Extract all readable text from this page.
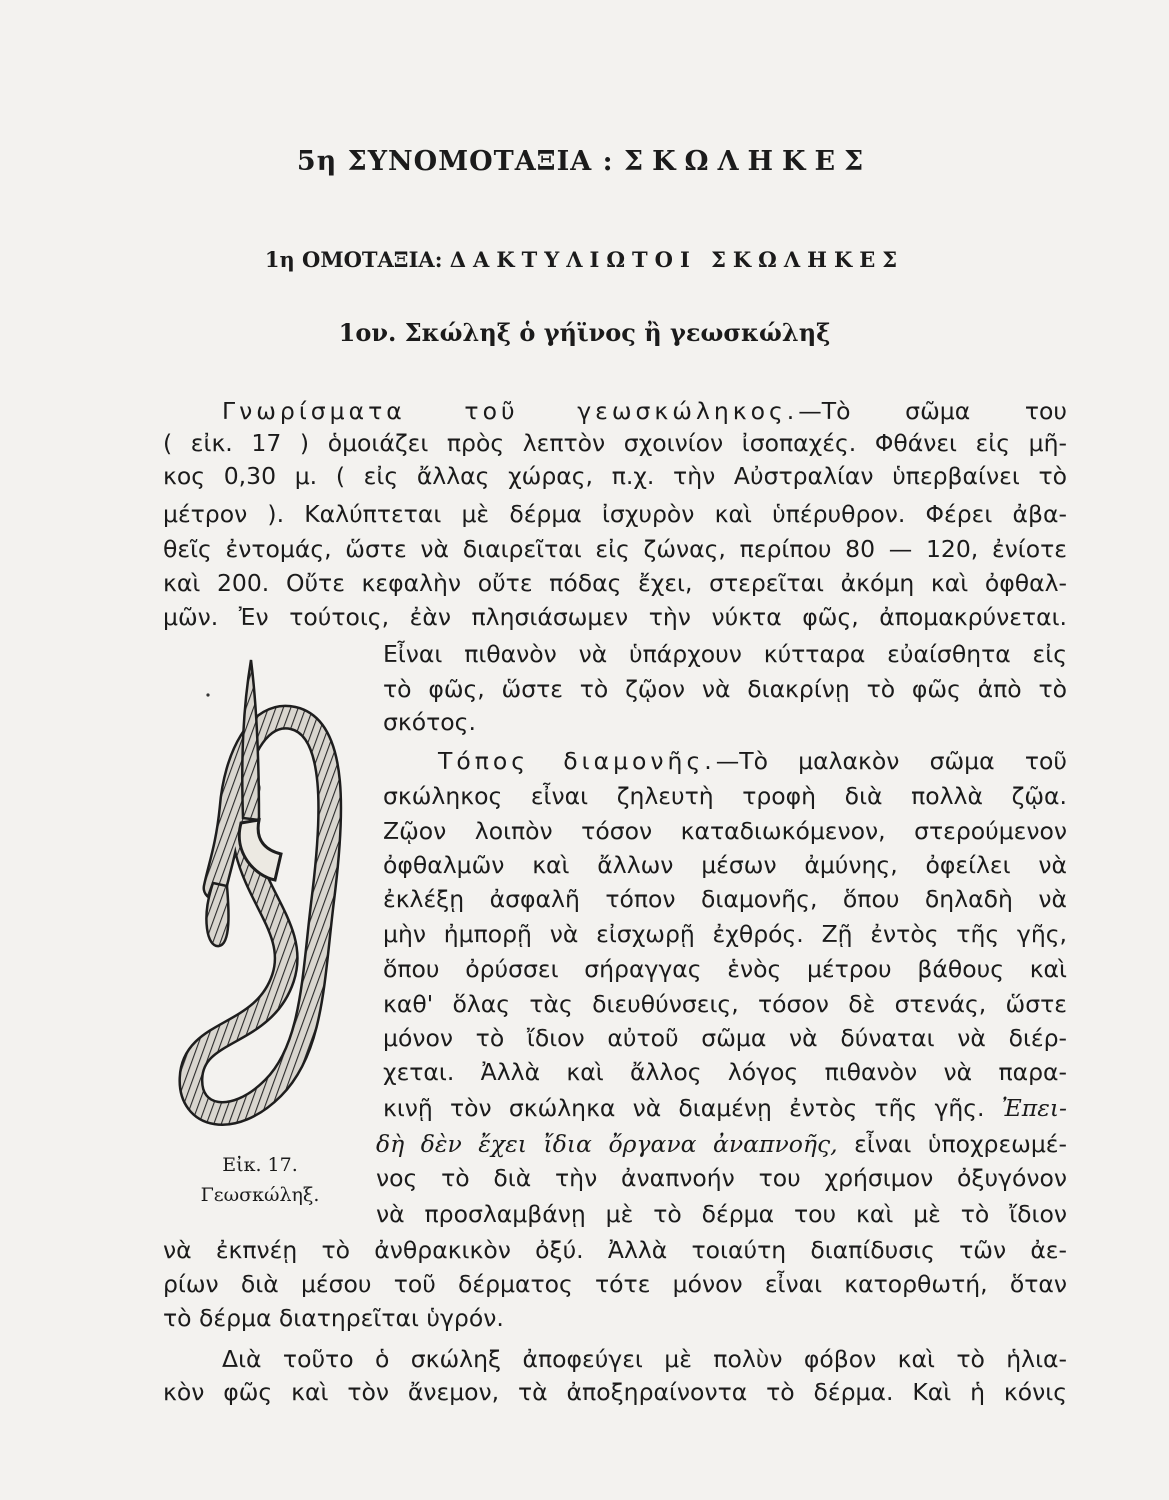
5η ΣΥΝΟΜΟΤΑΞΙΑ : ΣΚΩΛΗΚΕΣ
1η ΟΜΟΤΑΞΙΑ: ΔΑΚΤΥΛΙΩΤΟΙ ΣΚΩΛΗΚΕΣ
1ον. Σκώληξ ὁ γήϊνος ἢ γεωσκώληξ
Γνωρίσματα τοῦ γεωσκώληκος.—Τὸ σῶμα του
( εἰκ. 17 ) ὁμοιάζει πρὸς λεπτὸν σχοινίον ἰσοπαχές. Φθάνει εἰς μῆ-
κος 0,30 μ. ( εἰς ἄλλας χώρας, π.χ. τὴν Αὐστραλίαν ὑπερβαίνει τὸ
μέτρον ). Καλύπτεται μὲ δέρμα ἰσχυρὸν καὶ ὑπέρυθρον. Φέρει ἀβα-
θεῖς ἐντομάς, ὥστε νὰ διαιρεῖται εἰς ζώνας, περίπου 80 — 120, ἐνίοτε
καὶ 200. Οὔτε κεφαλὴν οὔτε πόδας ἔχει, στερεῖται ἀκόμη καὶ ὀφθαλ-
μῶν. Ἐν τούτοις, ἐὰν πλησιάσωμεν τὴν νύκτα φῶς, ἀπομακρύνεται.
Εἶναι πιθανὸν νὰ ὑπάρχουν κύτταρα εὐαίσθητα εἰς
τὸ φῶς, ὥστε τὸ ζῷον νὰ διακρίνῃ τὸ φῶς ἀπὸ τὸ
σκότος.
Τόπος διαμονῆς.—Τὸ μαλακὸν σῶμα τοῦ
σκώληκος εἶναι ζηλευτὴ τροφὴ διὰ πολλὰ ζῷα.
Ζῷον λοιπὸν τόσον καταδιωκόμενον, στερούμενον
ὀφθαλμῶν καὶ ἄλλων μέσων ἀμύνης, ὀφείλει νὰ
ἐκλέξῃ ἀσφαλῆ τόπον διαμονῆς, ὅπου δηλαδὴ νὰ
μὴν ἠμπορῇ νὰ εἰσχωρῇ ἐχθρός. Ζῇ ἐντὸς τῆς γῆς,
ὅπου ὀρύσσει σήραγγας ἑνὸς μέτρου βάθους καὶ
καθ' ὅλας τὰς διευθύνσεις, τόσον δὲ στενάς, ὥστε
μόνον τὸ ἴδιον αὐτοῦ σῶμα νὰ δύναται νὰ διέρ-
χεται. Ἀλλὰ καὶ ἄλλος λόγος πιθανὸν νὰ παρα-
κινῇ τὸν σκώληκα νὰ διαμένῃ ἐντὸς τῆς γῆς. Ἐπει-
δὴ δὲν ἔχει ἴδια ὄργανα ἀναπνοῆς, εἶναι ὑποχρεωμέ-
νος τὸ διὰ τὴν ἀναπνοήν του χρήσιμον ὀξυγόνον
νὰ προσλαμβάνῃ μὲ τὸ δέρμα του καὶ μὲ τὸ ἴδιον
νὰ ἐκπνέῃ τὸ ἀνθρακικὸν ὀξύ. Ἀλλὰ τοιαύτη διαπίδυσις τῶν ἀε-
ρίων διὰ μέσου τοῦ δέρματος τότε μόνον εἶναι κατορθωτή, ὅταν
τὸ δέρμα διατηρεῖται ὑγρόν.
Διὰ τοῦτο ὁ σκώληξ ἀποφεύγει μὲ πολὺν φόβον καὶ τὸ ἡλια-
κὸν φῶς καὶ τὸν ἄνεμον, τὰ ἀποξηραίνοντα τὸ δέρμα. Καὶ ἡ κόνις
Εἰκ. 17.
Γεωσκώληξ.
